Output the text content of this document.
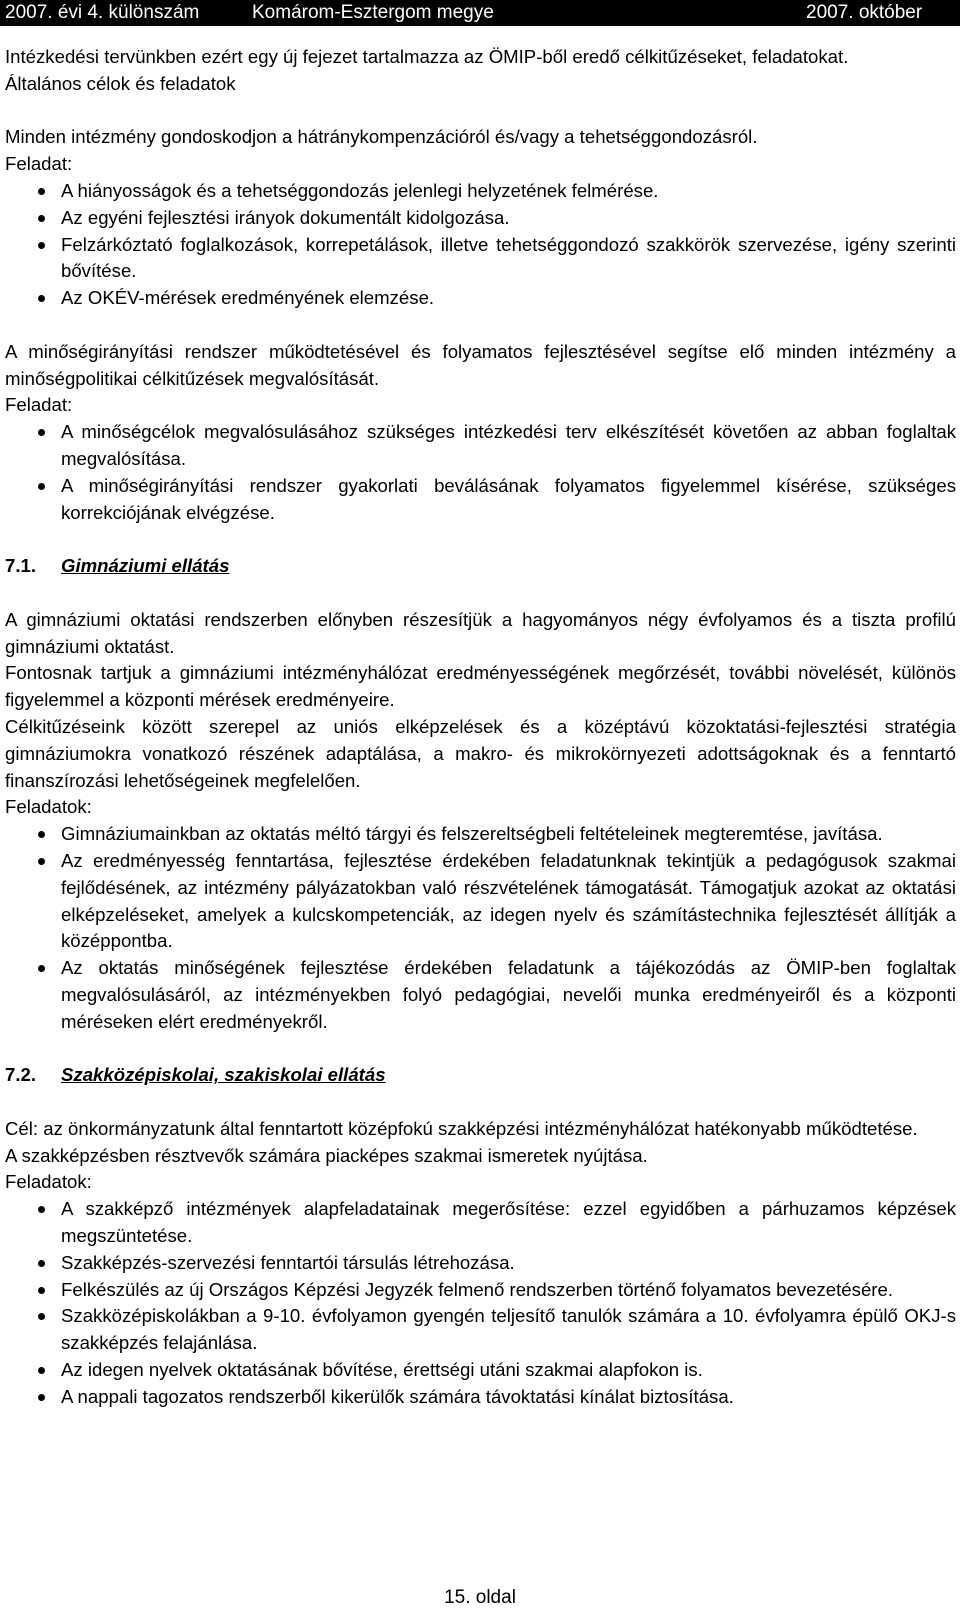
2007. évi 4. különszám	Komárom-Esztergom megye	2007. október

Intézkedési tervünkben ezért egy új fejezet tartalmazza az ÖMIP-ből eredő célkitűzéseket, feladatokat.

Általános célok és feladatok

Minden intézmény gondoskodjon a hátránykompenzációról és/vagy a tehetséggondozásról.

Feladat:

A hiányosságok és a tehetséggondozás jelenlegi helyzetének felmérése.
Az egyéni fejlesztési irányok dokumentált kidolgozása.
Felzárkóztató foglalkozások, korrepetálások, illetve tehetséggondozó szakkörök szervezése, igény szerinti bővítése.
Az OKÉV-mérések eredményének elemzése.

A minőségirányítási rendszer működtetésével és folyamatos fejlesztésével segítse elő minden intézmény a minőségpolitikai célkitűzések megvalósítását.

Feladat:

A minőségcélok megvalósulásához szükséges intézkedési terv elkészítését követően az abban foglaltak megvalósítása.
A minőségirányítási rendszer gyakorlati beválásának folyamatos figyelemmel kísérése, szükséges korrekciójának elvégzése.
7.1. Gimnáziumi ellátás

A gimnáziumi oktatási rendszerben előnyben részesítjük a hagyományos négy évfolyamos és a tiszta profilú gimnáziumi oktatást.

Fontosnak tartjuk a gimnáziumi intézményhálózat eredményességének megőrzését, további növelését, különös figyelemmel a központi mérések eredményeire.

Célkitűzéseink között szerepel az uniós elképzelések és a középtávú közoktatási-fejlesztési stratégia gimnáziumokra vonatkozó részének adaptálása, a makro- és mikrokörnyezeti adottságoknak és a fenntartó finanszírozási lehetőségeinek megfelelően.

Feladatok:

Gimnáziumainkban az oktatás méltó tárgyi és felszereltségbeli feltételeinek megteremtése, javítása.
Az eredményesség fenntartása, fejlesztése érdekében feladatunknak tekintjük a pedagógusok szakmai fejlődésének, az intézmény pályázatokban való részvételének támogatását. Támogatjuk azokat az oktatási elképzeléseket, amelyek a kulcskompetenciák, az idegen nyelv és számítástechnika fejlesztését állítják a középpontba.
Az oktatás minőségének fejlesztése érdekében feladatunk a tájékozódás az ÖMIP-ben foglaltak megvalósulásáról, az intézményekben folyó pedagógiai, nevelői munka eredményeiről és a központi méréseken elért eredményekről.
7.2. Szakközépiskolai, szakiskolai ellátás

Cél: az önkormányzatunk által fenntartott középfokú szakképzési intézményhálózat hatékonyabb működtetése.

A szakképzésben résztvevők számára piacképes szakmai ismeretek nyújtása.

Feladatok:

A szakképző intézmények alapfeladatainak megerősítése: ezzel egyidőben a párhuzamos képzések megszüntetése.
Szakképzés-szervezési fenntartói társulás létrehozása.
Felkészülés az új Országos Képzési Jegyzék felmenő rendszerben történő folyamatos bevezetésére.
Szakközépiskolákban a 9-10. évfolyamon gyengén teljesítő tanulók számára a 10. évfolyamra épülő OKJ-s szakképzés felajánlása.
Az idegen nyelvek oktatásának bővítése, érettségi utáni szakmai alapfokon is.
A nappali tagozatos rendszerből kikerülők számára távoktatási kínálat biztosítása.
15. oldal
